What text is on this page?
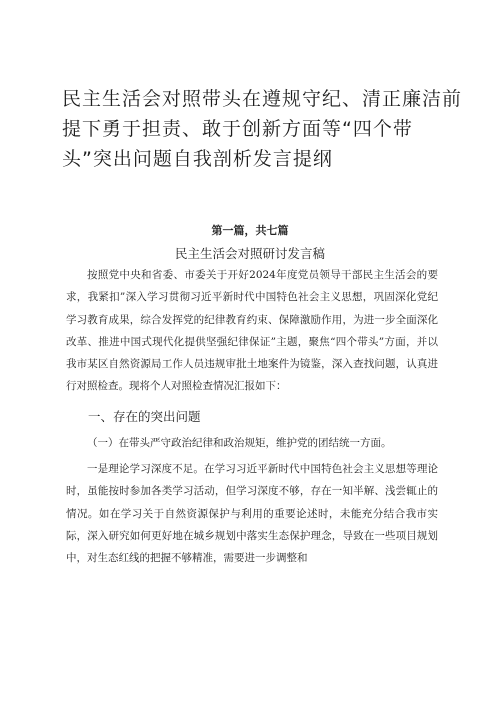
民主生活会对照带头在遵规守纪、清正廉洁前提下勇于担责、敢于创新方面等“四个带头”突出问题自我剖析发言提纲
第一篇，共七篇
民主生活会对照研讨发言稿

按照党中央和省委、市委关于开好2024年度党员领导干部民主生活会的要求，我紧扣”深入学习贯彻习近平新时代中国特色社会主义思想，巩固深化党纪学习教育成果，综合发挥党的纪律教育约束、保障激励作用，为进一步全面深化改革、推进中国式现代化提供坚强纪律保证”主题，聚焦“四个带头”方面，并以我市某区自然资源局工作人员违规审批土地案件为镜鉴，深入查找问题，认真进行对照检查。现将个人对照检查情况汇报如下：

一、存在的突出问题
（一）在带头严守政治纪律和政治规矩，维护党的团结统一方面。

一是理论学习深度不足。在学习习近平新时代中国特色社会主义思想等理论时，虽能按时参加各类学习活动，但学习深度不够，存在一知半解、浅尝辄止的情况。如在学习关于自然资源保护与利用的重要论述时，未能充分结合我市实际，深入研究如何更好地在城乡规划中落实生态保护理念，导致在一些项目规划中，对生态红线的把握不够精准，需要进一步调整和
